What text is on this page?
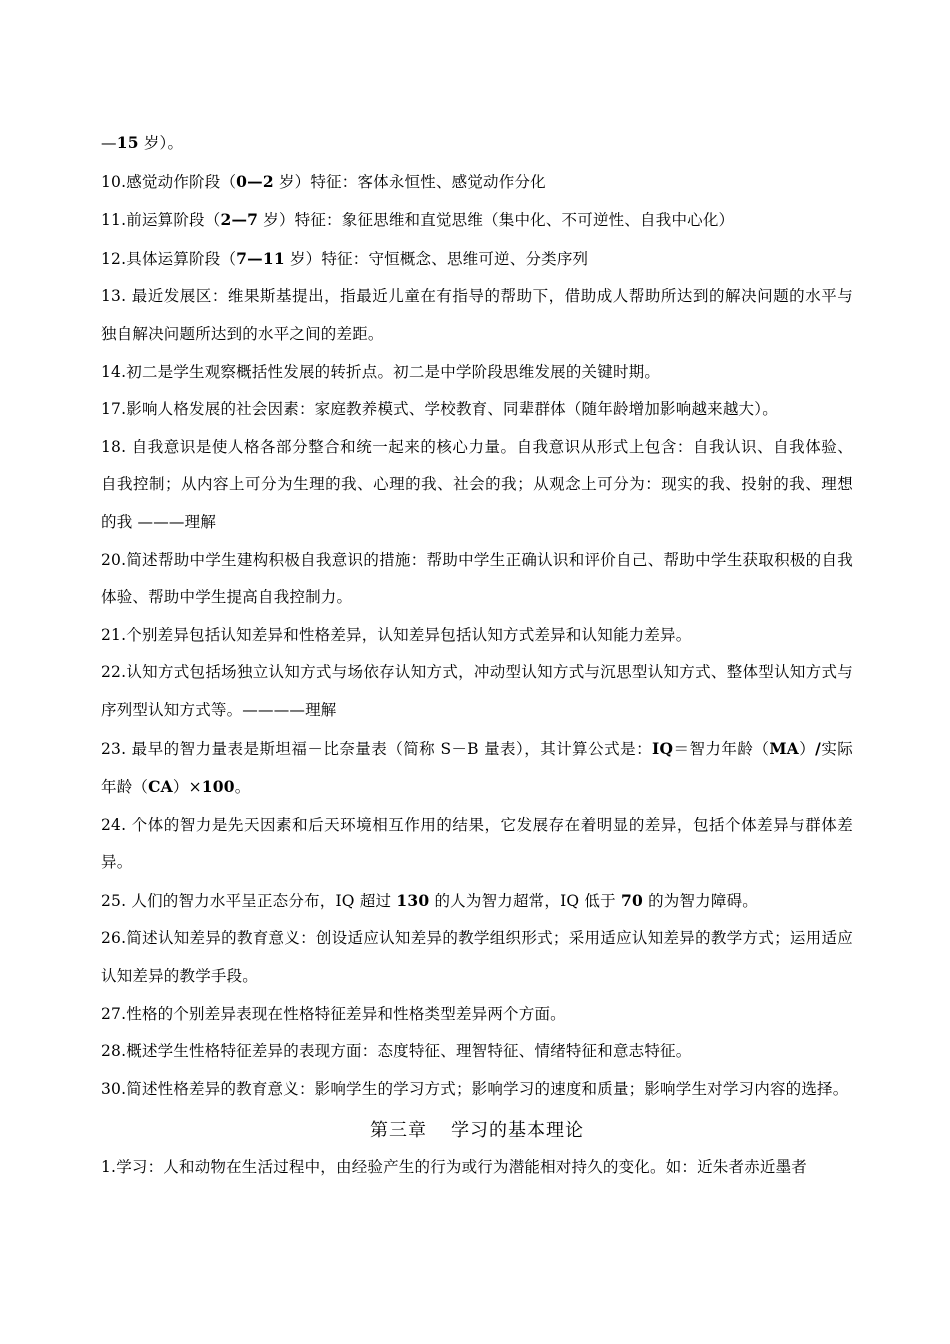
—15 岁）。

10.感觉动作阶段（0—2 岁）特征：客体永恒性、感觉动作分化

11.前运算阶段（2—7 岁）特征：象征思维和直觉思维（集中化、不可逆性、自我中心化）

12.具体运算阶段（7—11 岁）特征：守恒概念、思维可逆、分类序列

13. 最近发展区：维果斯基提出，指最近儿童在有指导的帮助下，借助成人帮助所达到的解决问题的水平与独自解决问题所达到的水平之间的差距。

14.初二是学生观察概括性发展的转折点。初二是中学阶段思维发展的关键时期。

17.影响人格发展的社会因素：家庭教养模式、学校教育、同辈群体（随年龄增加影响越来越大）。

18. 自我意识是使人格各部分整合和统一起来的核心力量。自我意识从形式上包含：自我认识、自我体验、自我控制；从内容上可分为生理的我、心理的我、社会的我；从观念上可分为：现实的我、投射的我、理想的我 ———理解

20.简述帮助中学生建构积极自我意识的措施：帮助中学生正确认识和评价自己、帮助中学生获取积极的自我体验、帮助中学生提高自我控制力。

21.个别差异包括认知差异和性格差异，认知差异包括认知方式差异和认知能力差异。

22.认知方式包括场独立认知方式与场依存认知方式，冲动型认知方式与沉思型认知方式、整体型认知方式与序列型认知方式等。————理解

23. 最早的智力量表是斯坦福－比奈量表（简称 S－B 量表），其计算公式是：IQ＝智力年龄（MA）/实际年龄（CA）×100。

24. 个体的智力是先天因素和后天环境相互作用的结果，它发展存在着明显的差异，包括个体差异与群体差异。

25. 人们的智力水平呈正态分布，IQ 超过 130 的人为智力超常，IQ 低于 70 的为智力障碍。

26.简述认知差异的教育意义：创设适应认知差异的教学组织形式；采用适应认知差异的教学方式；运用适应认知差异的教学手段。

27.性格的个别差异表现在性格特征差异和性格类型差异两个方面。

28.概述学生性格特征差异的表现方面：态度特征、理智特征、情绪特征和意志特征。

30.简述性格差异的教育意义：影响学生的学习方式；影响学习的速度和质量；影响学生对学习内容的选择。

第三章 学习的基本理论

1.学习：人和动物在生活过程中，由经验产生的行为或行为潜能相对持久的变化。如：近朱者赤近墨者
